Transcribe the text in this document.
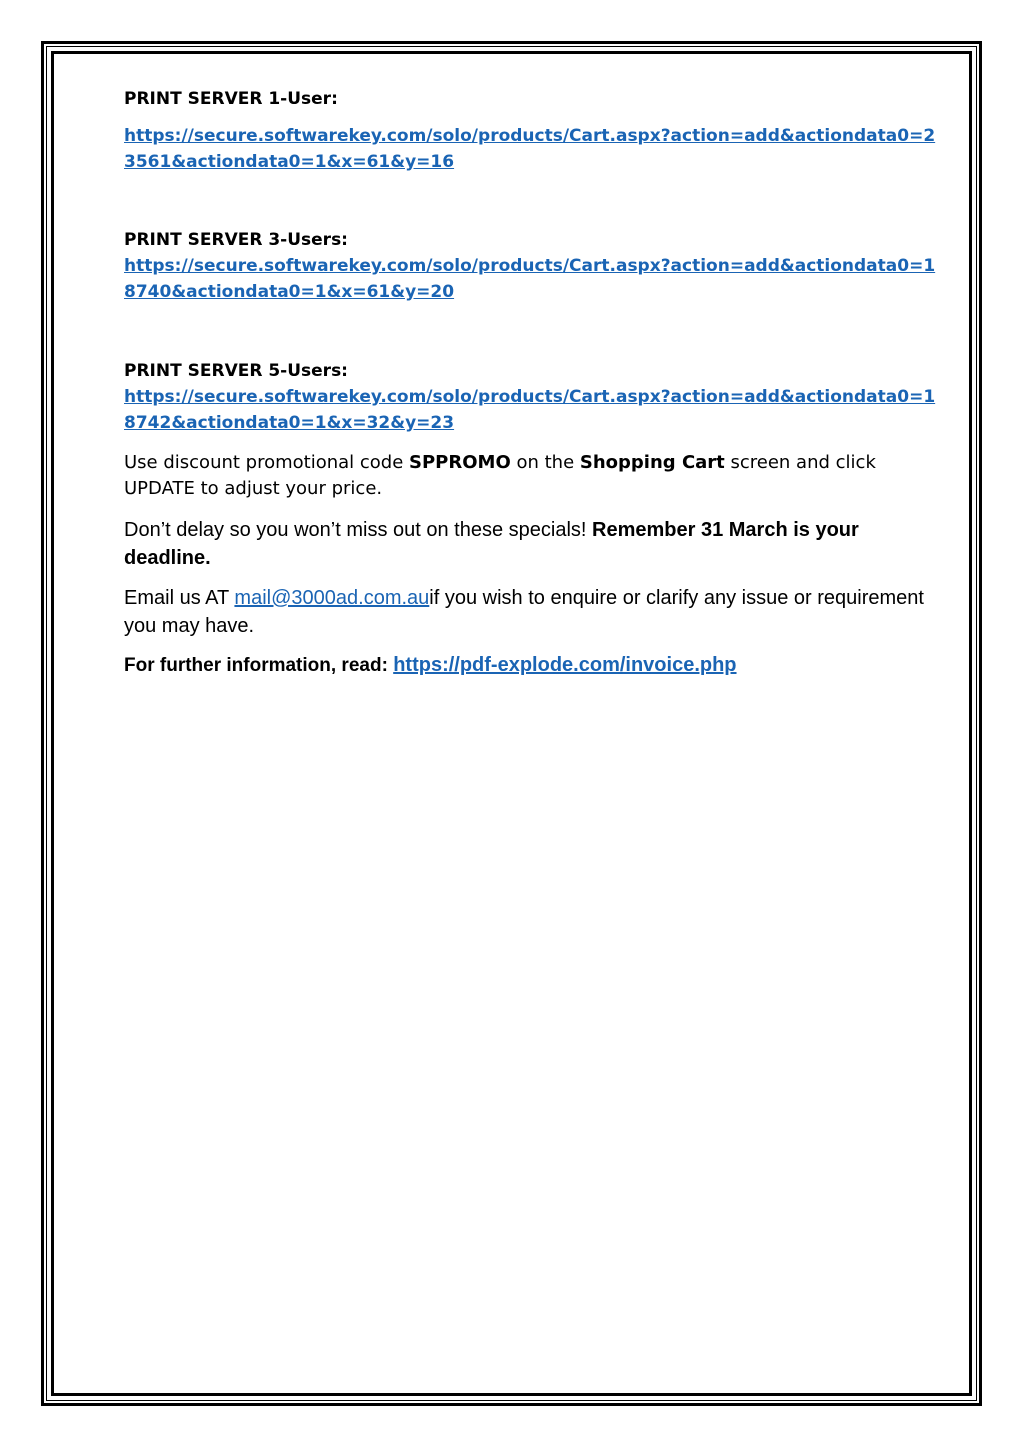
PRINT SERVER 1-User:

https://secure.softwarekey.com/solo/products/Cart.aspx?action=add&actiondata0=23561&actiondata0=1&x=61&y=16

PRINT SERVER 3-Users:

https://secure.softwarekey.com/solo/products/Cart.aspx?action=add&actiondata0=18740&actiondata0=1&x=61&y=20

PRINT SERVER 5-Users:

https://secure.softwarekey.com/solo/products/Cart.aspx?action=add&actiondata0=18742&actiondata0=1&x=32&y=23

Use discount promotional code SPPROMO on the Shopping Cart screen and click UPDATE to adjust your price.

Don’t delay so you won’t miss out on these specials! Remember 31 March is your deadline.

Email us AT mail@3000ad.com.auif you wish to enquire or clarify any issue or requirement you may have.

For further information, read: https://pdf-explode.com/invoice.php
